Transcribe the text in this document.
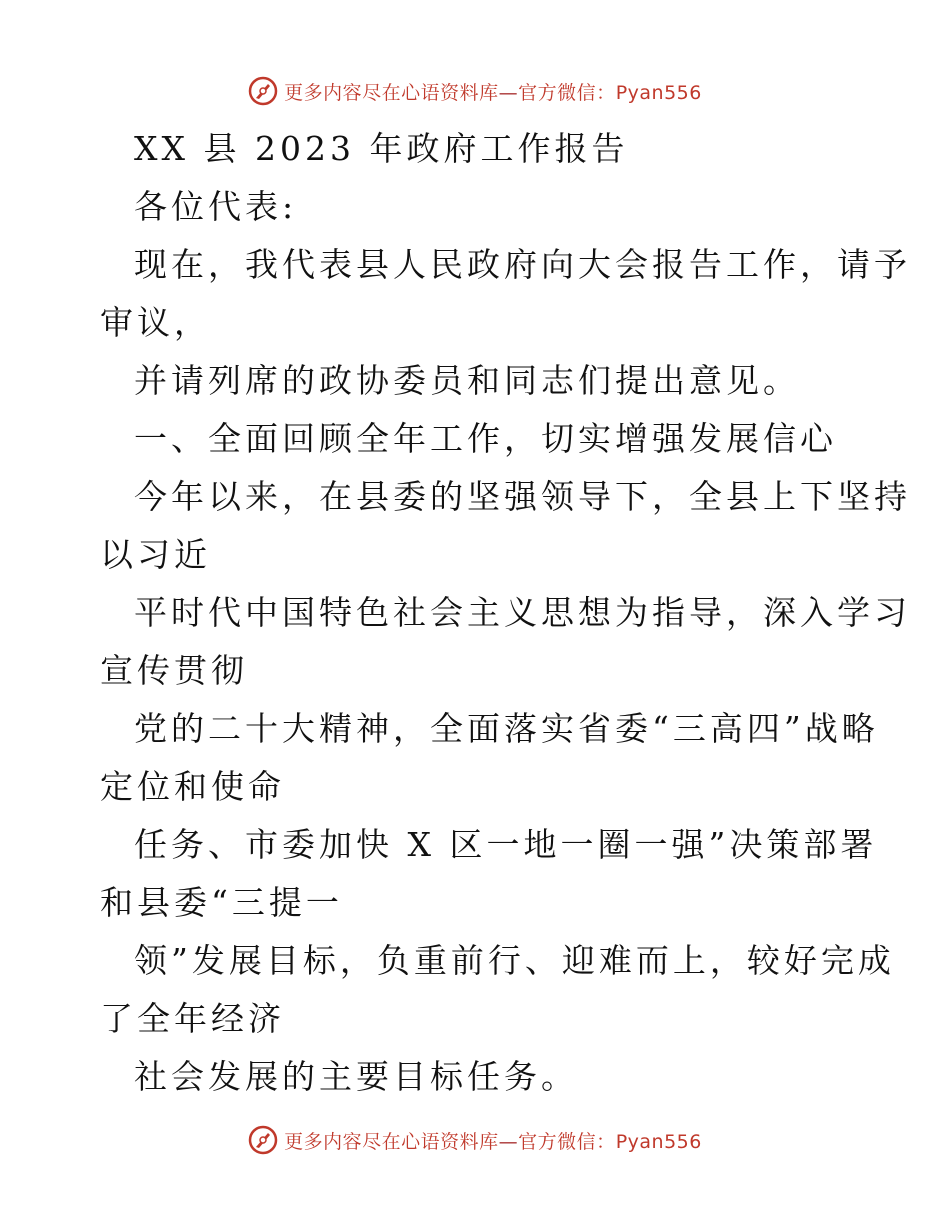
更多内容尽在心语资料库—官方微信：Pyan556
XX 县 2023 年政府工作报告
各位代表:
现在，我代表县人民政府向大会报告工作，请予
审议，
并请列席的政协委员和同志们提出意见。
一、全面回顾全年工作，切实增强发展信心
今年以来，在县委的坚强领导下，全县上下坚持
以习近
平时代中国特色社会主义思想为指导，深入学习
宣传贯彻
党的二十大精神，全面落实省委“三高四”战略
定位和使命
任务、市委加快 X 区一地一圈一强”决策部署
和县委“三提一
领”发展目标，负重前行、迎难而上，较好完成
了全年经济
社会发展的主要目标任务。
更多内容尽在心语资料库—官方微信：Pyan556
